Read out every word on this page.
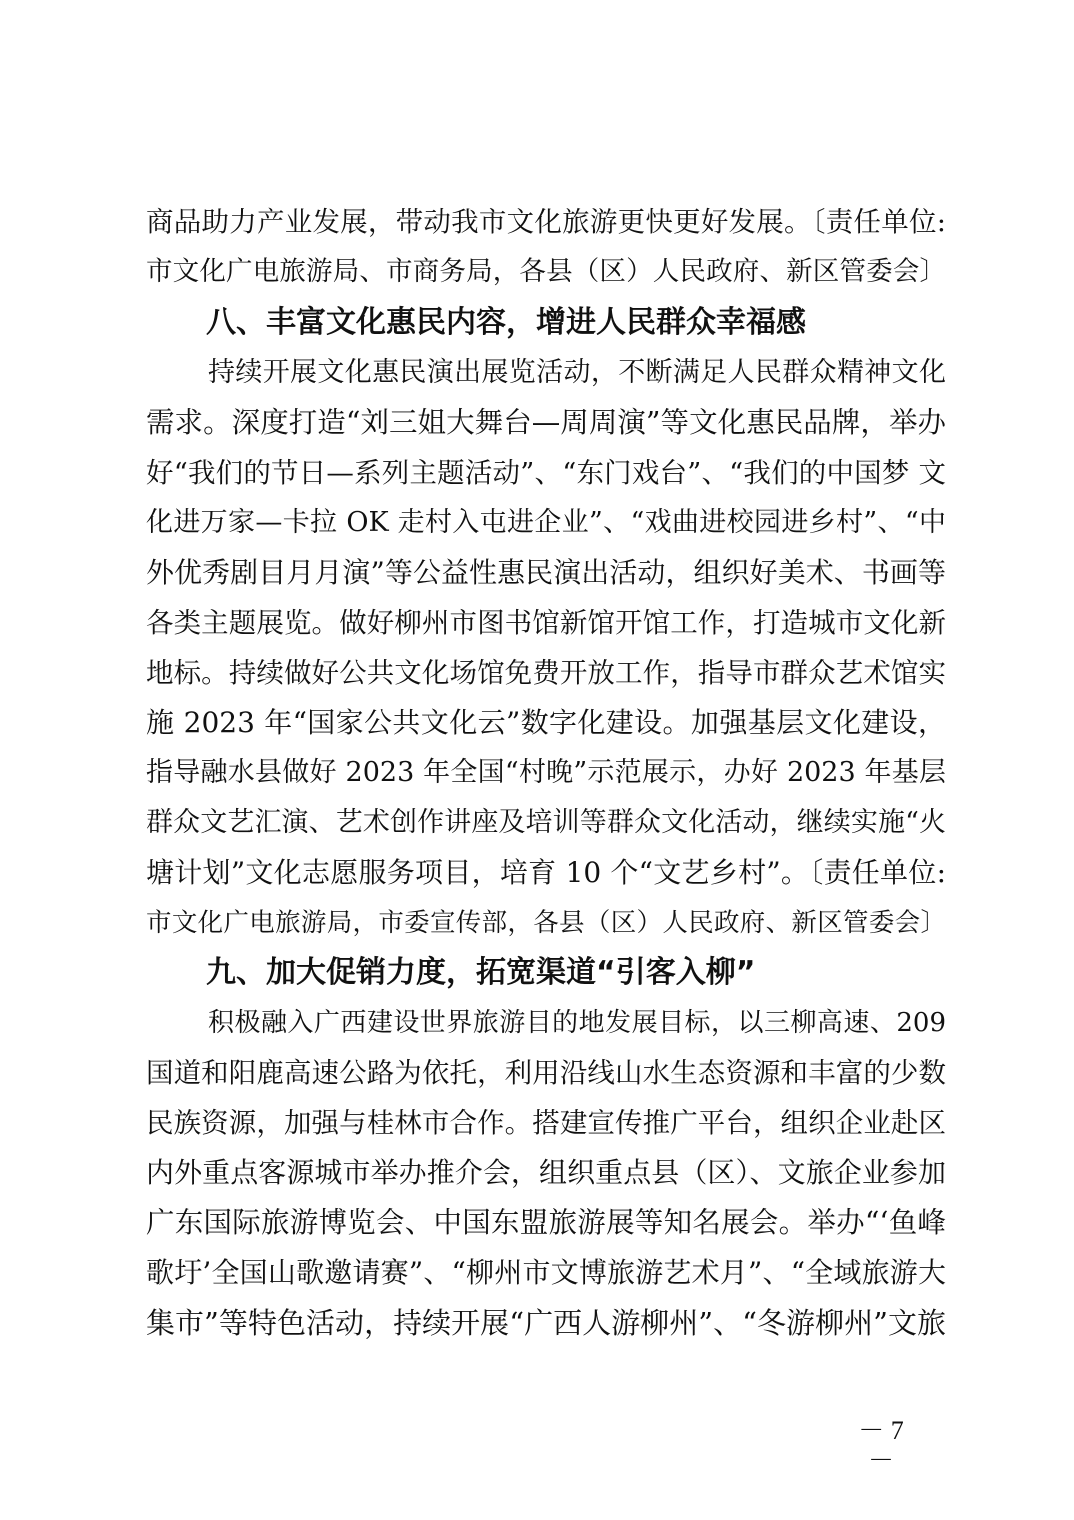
商品助力产业发展，带动我市文化旅游更快更好发展。〔责任单位:
市文化广电旅游局、市商务局，各县（区）人民政府、新区管委会〕
八、丰富文化惠民内容，增进人民群众幸福感
持续开展文化惠民演出展览活动，不断满足人民群众精神文化
需求。深度打造“刘三姐大舞台—周周演”等文化惠民品牌，举办
好“我们的节日—系列主题活动”、“东门戏台”、“我们的中国梦 文
化进万家—卡拉 OK 走村入屯进企业”、“戏曲进校园进乡村”、“中
外优秀剧目月月演”等公益性惠民演出活动，组织好美术、书画等
各类主题展览。做好柳州市图书馆新馆开馆工作，打造城市文化新
地标。持续做好公共文化场馆免费开放工作，指导市群众艺术馆实
施 2023 年“国家公共文化云”数字化建设。加强基层文化建设，
指导融水县做好 2023 年全国“村晚”示范展示，办好 2023 年基层
群众文艺汇演、艺术创作讲座及培训等群众文化活动，继续实施“火
塘计划”文化志愿服务项目，培育 10 个“文艺乡村”。〔责任单位:
市文化广电旅游局，市委宣传部，各县（区）人民政府、新区管委会〕
九、加大促销力度，拓宽渠道“引客入柳”
积极融入广西建设世界旅游目的地发展目标，以三柳高速、209
国道和阳鹿高速公路为依托，利用沿线山水生态资源和丰富的少数
民族资源，加强与桂林市合作。搭建宣传推广平台，组织企业赴区
内外重点客源城市举办推介会，组织重点县（区）、文旅企业参加
广东国际旅游博览会、中国东盟旅游展等知名展会。举办“‘鱼峰
歌圩’全国山歌邀请赛”、“柳州市文博旅游艺术月”、“全域旅游大
集市”等特色活动，持续开展“广西人游柳州”、“冬游柳州”文旅
－ 7 －
